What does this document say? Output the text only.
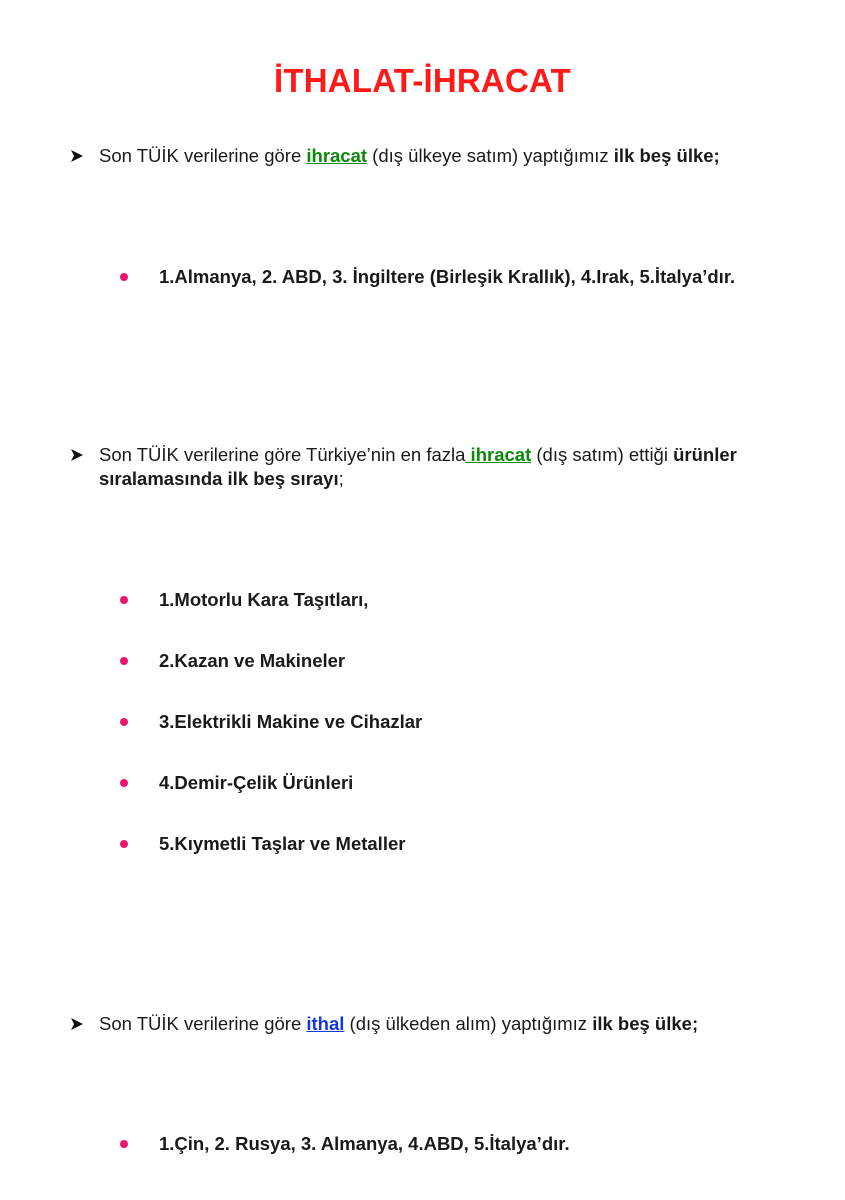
İTHALAT-İHRACAT
Son TÜİK verilerine göre ihracat (dış ülkeye satım) yaptığımız ilk beş ülke;
1.Almanya, 2. ABD, 3. İngiltere (Birleşik Krallık), 4.Irak, 5.İtalya’dır.
Son TÜİK verilerine göre Türkiye’nin en fazla ihracat (dış satım) ettiği ürünler sıralamasında ilk beş sırayı;
1.Motorlu Kara Taşıtları,
2.Kazan ve Makineler
3.Elektrikli Makine ve Cihazlar
4.Demir-Çelik Ürünleri
5.Kıymetli Taşlar ve Metaller
Son TÜİK verilerine göre ithal (dış ülkeden alım) yaptığımız ilk beş ülke;
1.Çin, 2. Rusya, 3. Almanya, 4.ABD, 5.İtalya’dır.
